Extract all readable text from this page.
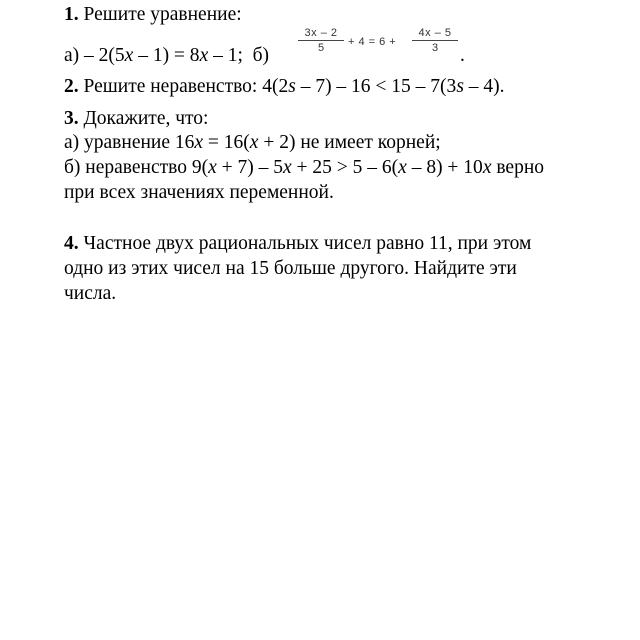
1. Решите уравнение:
а) – 2(5x – 1) = 8x – 1; б)
$\frac{3x - 2}{5} + 4 = 6 + \frac{4x - 5}{3}$
.
2. Решите неравенство: 4(2s – 7) – 16 < 15 – 7(3s – 4).
3. Докажите, что:
а) уравнение 16x = 16(x + 2) не имеет корней;
б) неравенство 9(x + 7) – 5x + 25 > 5 – 6(x – 8) + 10x верно
при всех значениях переменной.
4. Частное двух рациональных чисел равно 11, при этом
одно из этих чисел на 15 больше другого. Найдите эти
числа.
